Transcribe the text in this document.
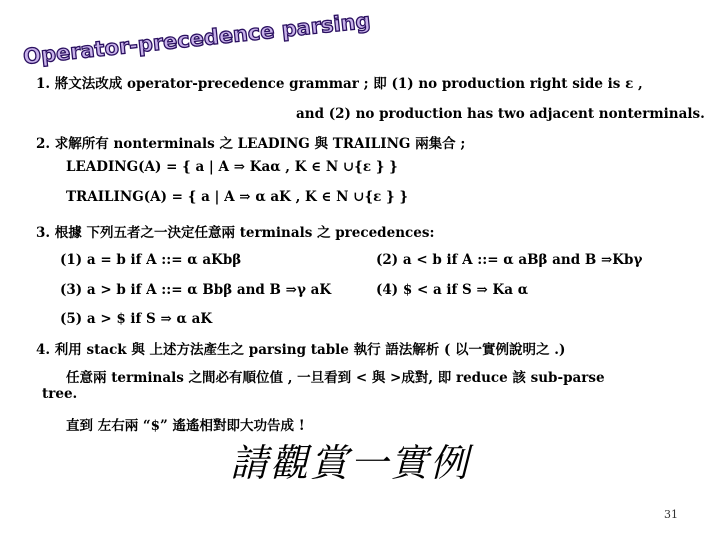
Operator-precedence parsing
1. 將文法改成 operator-precedence grammar ; 即 (1) no production right side is ε ,
and (2) no production has two adjacent nonterminals.
2. 求解所有 nonterminals 之 LEADING 與 TRAILING 兩集合 ;
LEADING(A) = { a | A ⇒ Kaα , K ∈ N ∪{ε } }
TRAILING(A) = { a | A ⇒ α aK , K ∈ N ∪{ε } }
3. 根據 下列五者之一決定任意兩 terminals 之 precedences:
(1) a = b if A ::= α aKbβ	(2) a < b if A ::= α aBβ and B ⇒Kbγ
(3) a > b if A ::= α Bbβ and B ⇒γ aK	(4) $ < a if S ⇒ Ka α
(5) a > $ if S ⇒ α aK
4. 利用 stack 與 上述方法產生之 parsing table 執行 語法解析 ( 以一實例說明之 .)
任意兩 terminals 之間必有順位值 , 一旦看到 < 與 >成對, 即 reduce 該 sub-parse
tree.
直到 左右兩 “$” 遙遙相對即大功告成 !
請觀賞一實例
31
